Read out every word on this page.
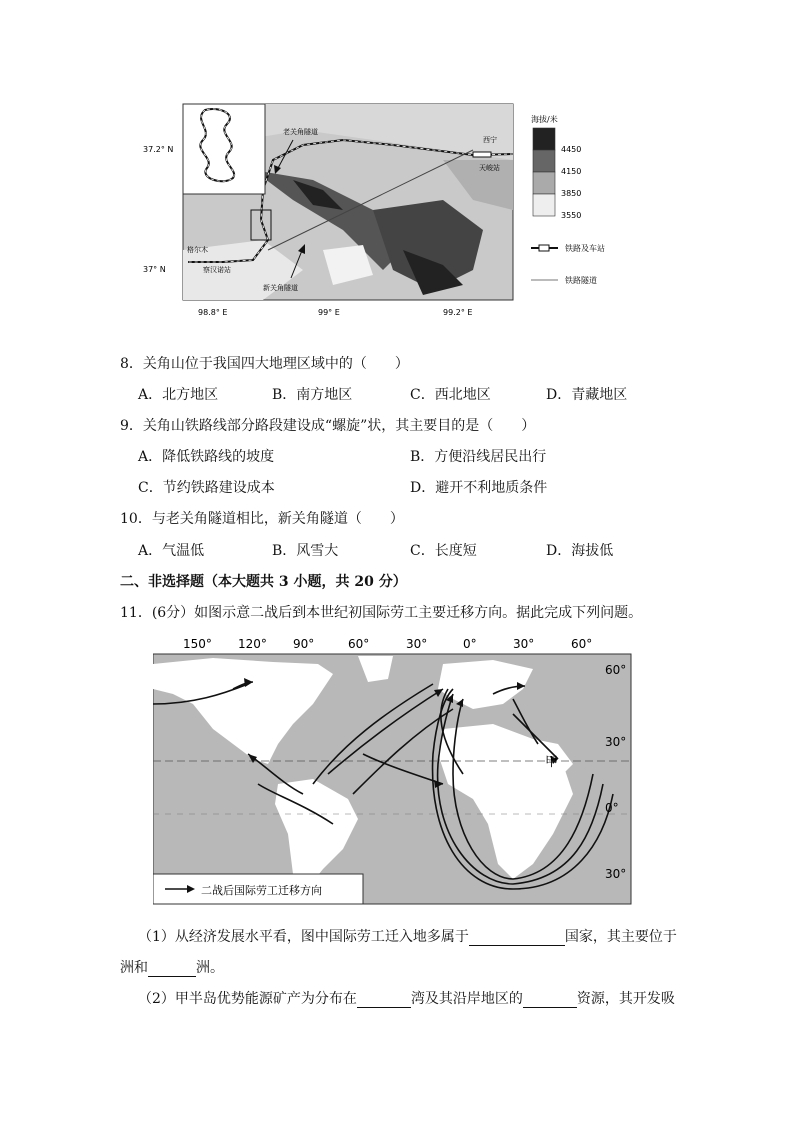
37.2° N
37° N
98.8° E	99° E	99.2° E
海拔/米
4450
4150
3850
3550
铁路及车站
铁路隧道
老关角隧道
新关角隧道
螺旋状铁路
西宁
天峻站
格尔木
察汉诺站
8．关角山位于我国四大地理区域中的（　　）
A．北方地区	B．南方地区	C．西北地区	D．青藏地区
9．关角山铁路线部分路段建设成“螺旋”状，其主要目的是（　　）
A．降低铁路线的坡度	B．方便沿线居民出行
C．节约铁路建设成本	D．避开不利地质条件
10．与老关角隧道相比，新关角隧道（　　）
A．气温低	B．风雪大	C．长度短	D．海拔低
二、非选择题（本大题共 3 小题，共 20 分）
11．(6分）如图示意二战后到本世纪初国际劳工主要迁移方向。据此完成下列问题。
150° 120° 90°	60°	30°	0°	30°	60°
60°
30°
0°
30°
二战后国际劳工迁移方向
甲
（1）从经济发展水平看，图中国际劳工迁入地多属于	国家，其主要位于
洲和	洲。
（2）甲半岛优势能源矿产为分布在	湾及其沿岸地区的	资源，其开发吸
